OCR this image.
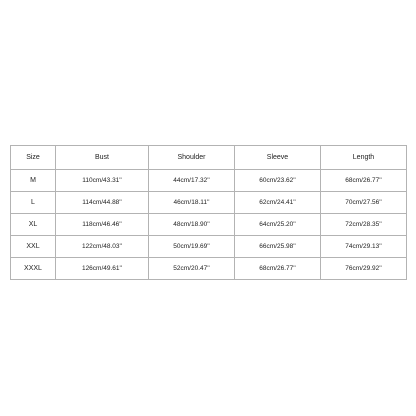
Size	Bust	Shoulder	Sleeve	Length
M	110cm/43.31''	44cm/17.32''	60cm/23.62''	68cm/26.77''
L	114cm/44.88''	46cm/18.11''	62cm/24.41''	70cm/27.56''
XL	118cm/46.46''	48cm/18.90''	64cm/25.20''	72cm/28.35''
XXL	122cm/48.03''	50cm/19.69''	66cm/25.98''	74cm/29.13''
XXXL	126cm/49.61''	52cm/20.47''	68cm/26.77''	76cm/29.92''
